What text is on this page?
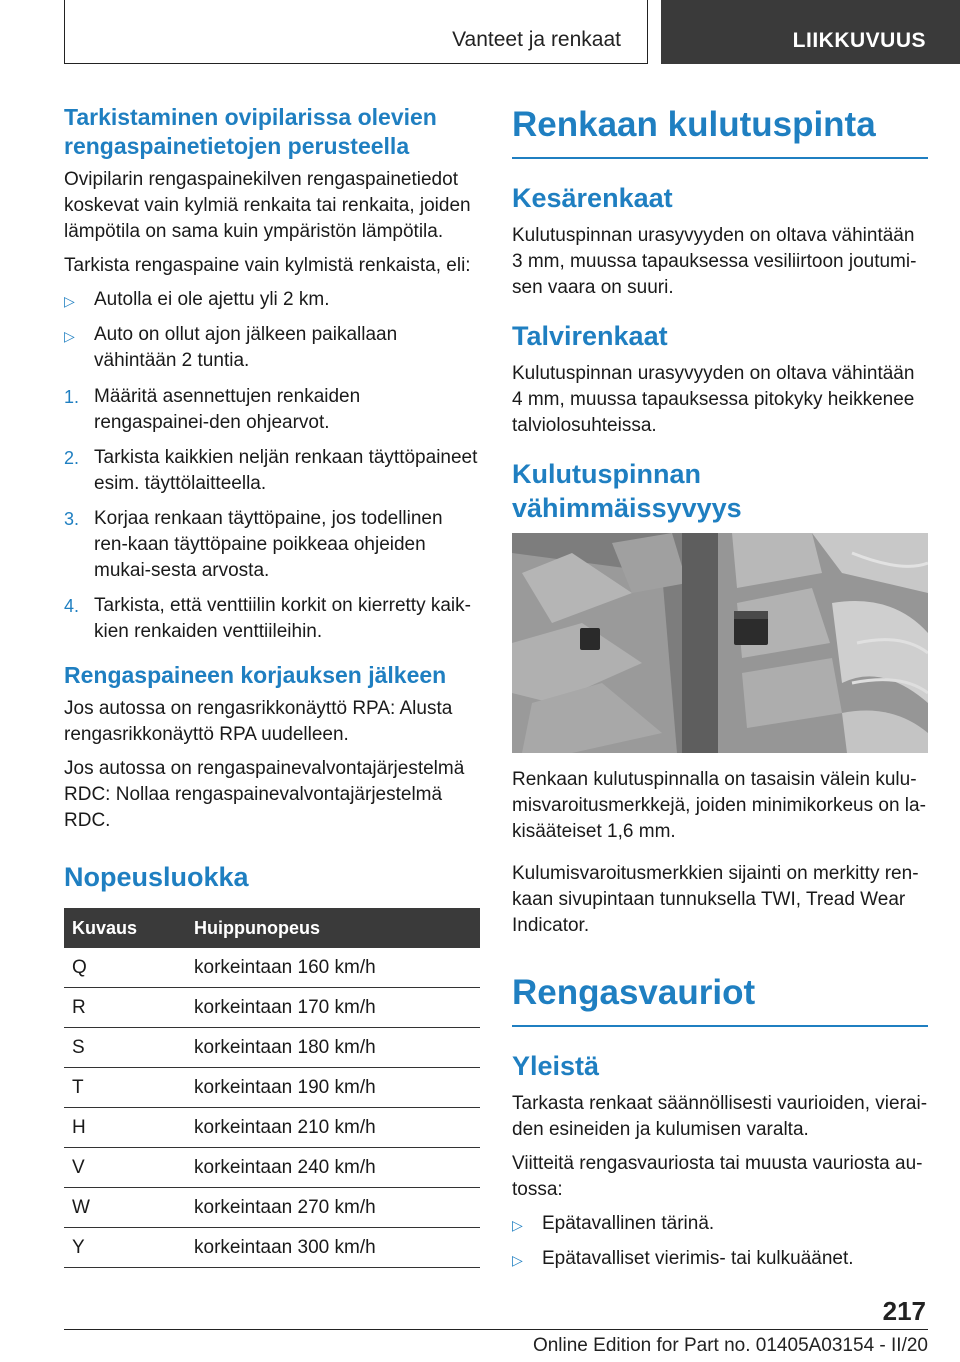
Vanteet ja renkaat	LIIKKUVUUS
Tarkistaminen ovipilarissa olevien rengaspainetietojen perusteella

Ovipilarin rengaspainekilven rengaspainetiedot koskevat vain kylmiä renkaita tai renkaita, joiden lämpötila on sama kuin ympäristön lämpötila.

Tarkista rengaspaine vain kylmistä renkaista, eli:

▷ Autolla ei ole ajettu yli 2 km.
▷ Auto on ollut ajon jälkeen paikallaan vähintään 2 tuntia.
1. Määritä asennettujen renkaiden rengaspainei-den ohjearvot.
2. Tarkista kaikkien neljän renkaan täyttöpaineet esim. täyttölaitteella.
3. Korjaa renkaan täyttöpaine, jos todellinen ren-kaan täyttöpaine poikkeaa ohjeiden mukai-sesta arvosta.
4. Tarkista, että venttiilin korkit on kierretty kaik-kien renkaiden venttiileihin.
Rengaspaineen korjauksen jälkeen

Jos autossa on rengasrikkonäyttö RPA: Alusta rengasrikkonäyttö RPA uudelleen.

Jos autossa on rengaspainevalvontajärjestelmä RDC: Nollaa rengaspainevalvontajärjestelmä RDC.

Nopeusluokka
Kuvaus	Huippunopeus
Q	korkeintaan 160 km/h
R	korkeintaan 170 km/h
S	korkeintaan 180 km/h
T	korkeintaan 190 km/h
H	korkeintaan 210 km/h
V	korkeintaan 240 km/h
W	korkeintaan 270 km/h
Y	korkeintaan 300 km/h
Renkaan kulutuspinta
Kesärenkaat

Kulutuspinnan urasyvyyden on oltava vähintään 3 mm, muussa tapauksessa vesiliirtoon joutumi-sen vaara on suuri.

Talvirenkaat

Kulutuspinnan urasyvyyden on oltava vähintään 4 mm, muussa tapauksessa pitokyky heikkenee talviolosuhteissa.

Kulutuspinnan vähimmäissyvyys

Renkaan kulutuspinnalla on tasaisin välein kulu-misvaroitusmerkkejä, joiden minimikorkeus on la-kisääteiset 1,6 mm.

Kulumisvaroitusmerkkien sijainti on merkitty ren-kaan sivupintaan tunnuksella TWI, Tread Wear Indicator.

Rengasvauriot
Yleistä

Tarkasta renkaat säännöllisesti vaurioiden, vierai-den esineiden ja kulumisen varalta.

Viitteitä rengasvauriosta tai muusta vauriosta au-tossa:

▷ Epätavallinen tärinä.
▷ Epätavalliset vierimis- tai kulkuäänet.
217
Online Edition for Part no. 01405A03154 - II/20
